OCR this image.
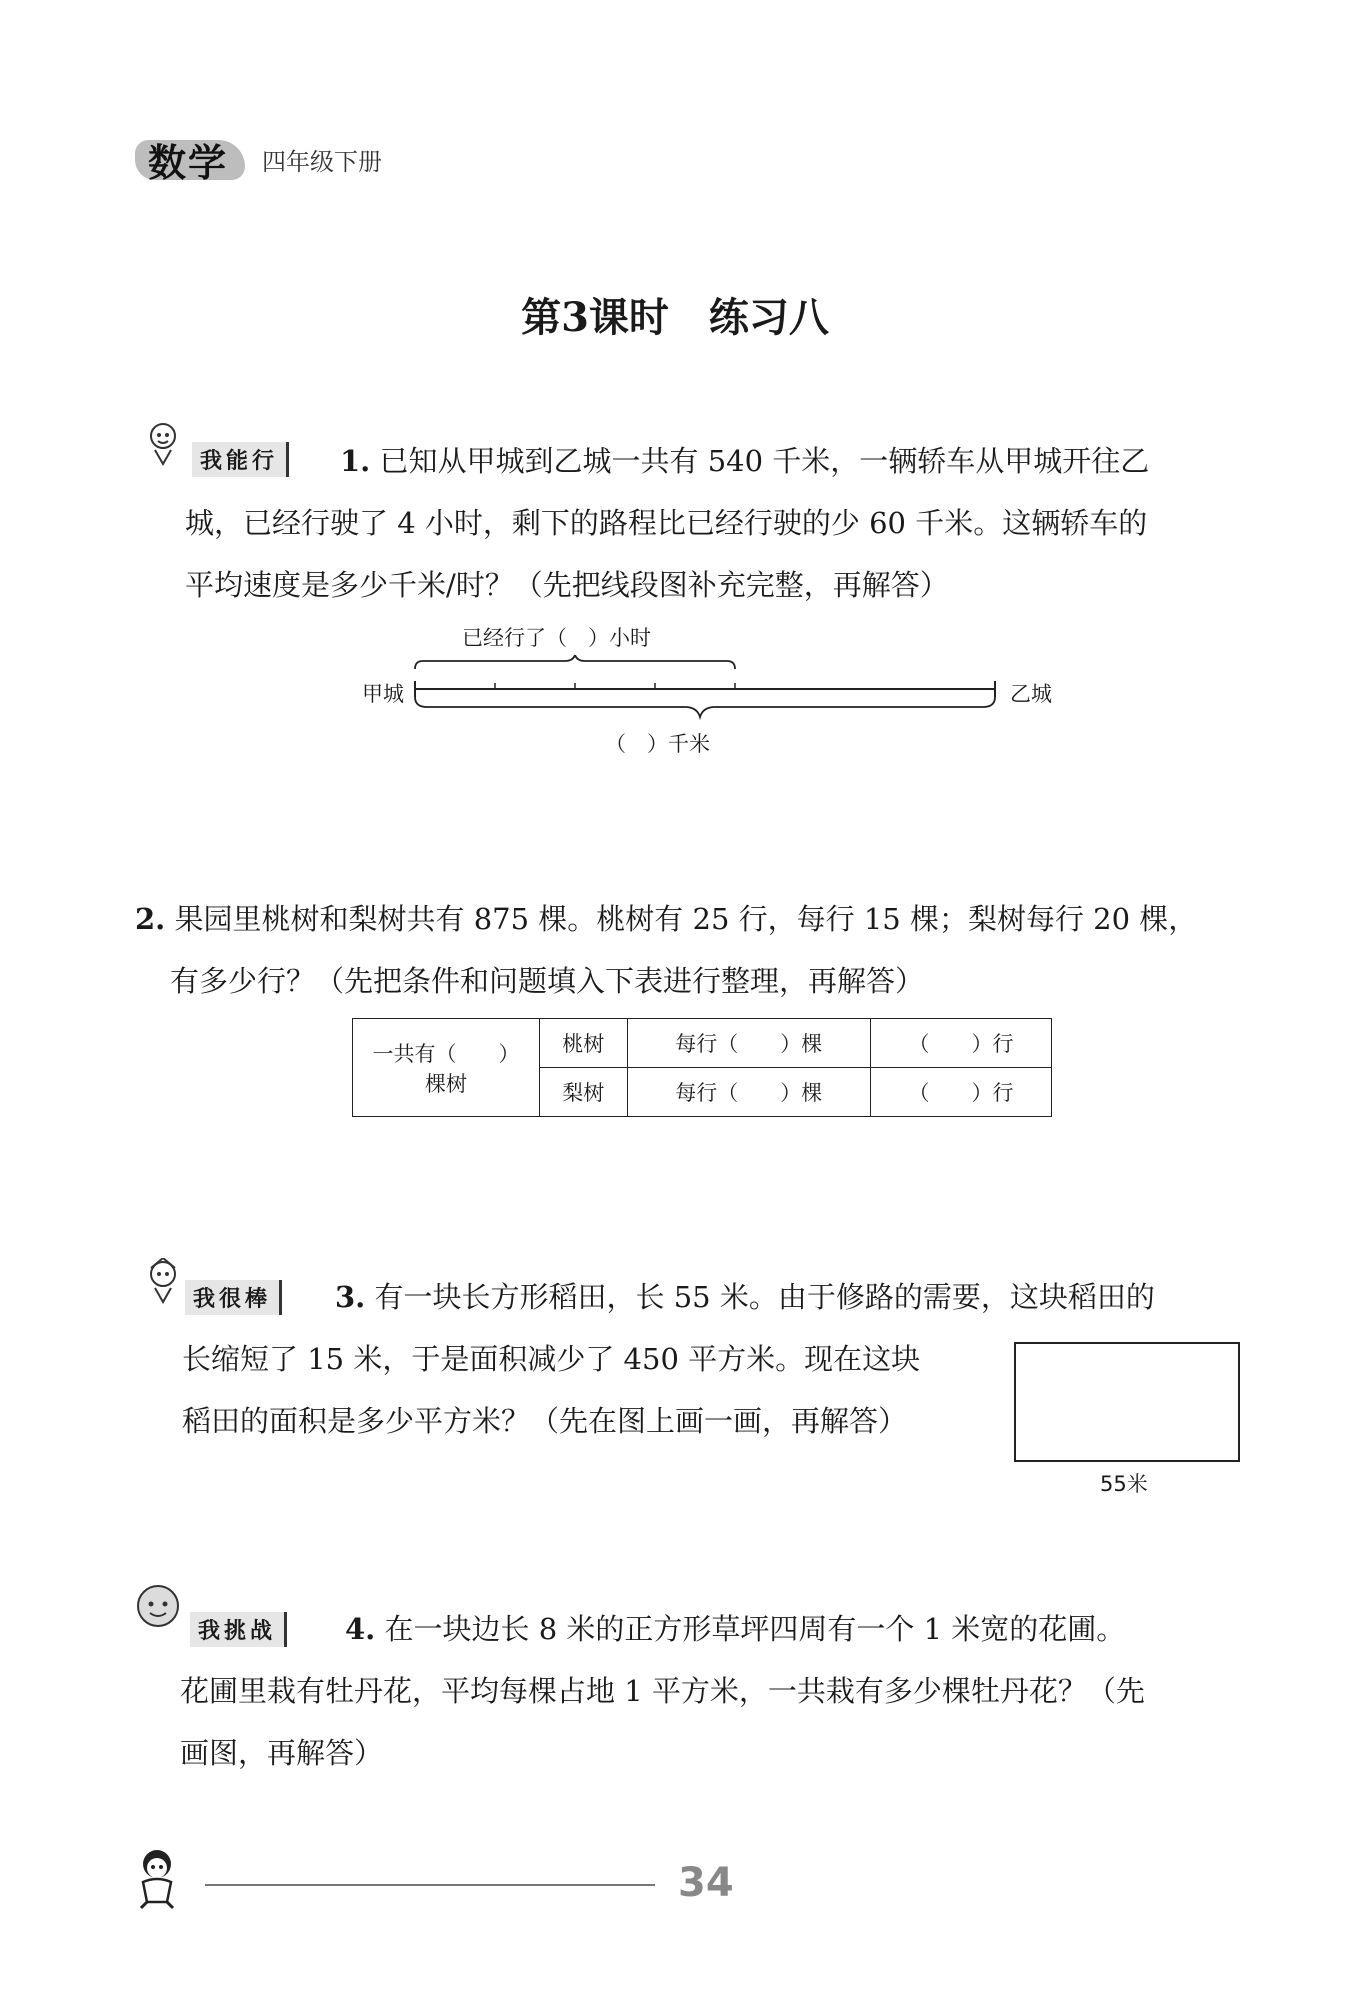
数学 四年级下册
第3课时　练习八
我能行	1. 已知从甲城到乙城一共有 540 千米，一辆轿车从甲城开往乙
城，已经行驶了 4 小时，剩下的路程比已经行驶的少 60 千米。这辆轿车的
平均速度是多少千米/时？（先把线段图补充完整，再解答）
已经行了（　）小时
甲城	乙城
（　）千米
2. 果园里桃树和梨树共有 875 棵。桃树有 25 行，每行 15 棵；梨树每行 20 棵，
有多少行？（先把条件和问题填入下表进行整理，再解答）
一共有（　　）
棵树	桃树	每行（　　）棵	（　　）行
	梨树	每行（　　）棵	（　　）行
我很棒	3. 有一块长方形稻田，长 55 米。由于修路的需要，这块稻田的
长缩短了 15 米，于是面积减少了 450 平方米。现在这块
稻田的面积是多少平方米？（先在图上画一画，再解答）
55米
我挑战	4. 在一块边长 8 米的正方形草坪四周有一个 1 米宽的花圃。
花圃里栽有牡丹花，平均每棵占地 1 平方米，一共栽有多少棵牡丹花？（先
画图，再解答）
34
